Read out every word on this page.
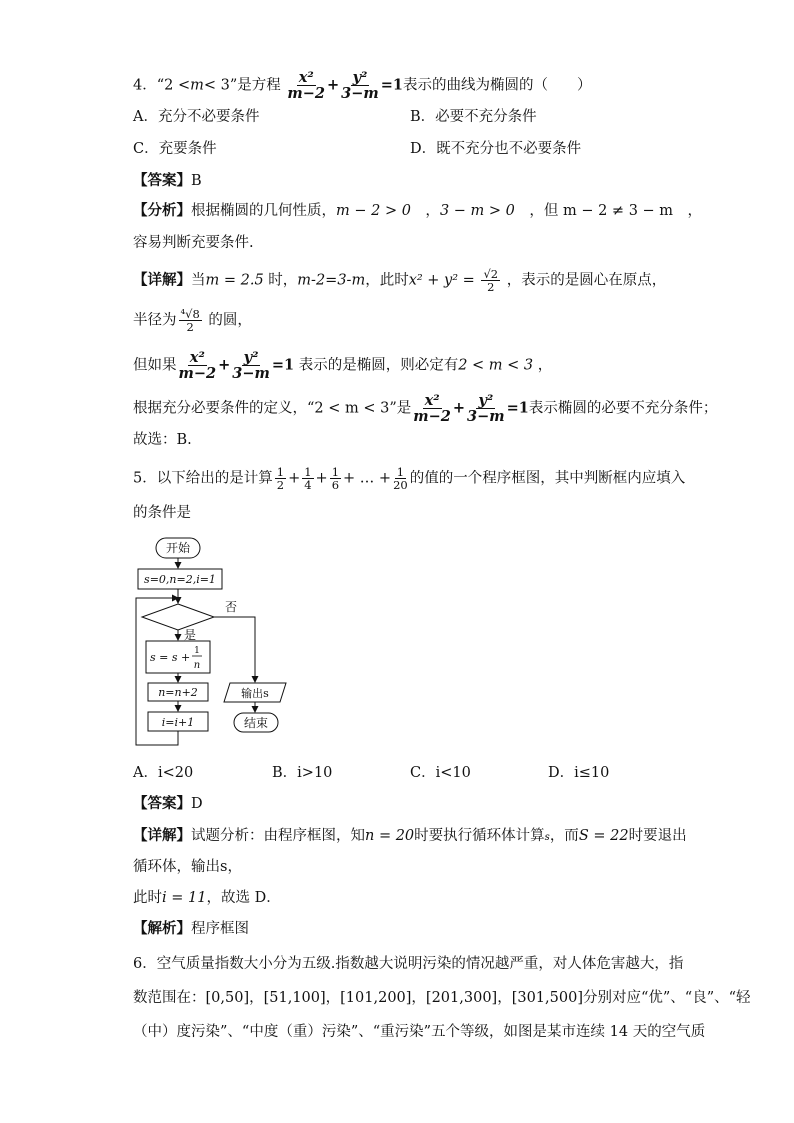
4．“2 <m< 3”是方程 $\frac{\text{x²}}{m-2} + \frac{\text{y²}}{3-m} =1$表示的曲线为椭圆的（　　）
A．充分不必要条件	B．必要不充分条件
C．充要条件	D．既不充分也不必要条件
【答案】B
【分析】根据椭圆的几何性质，m − 2 > 0　，3 − m > 0　 ，但 m − 2 ≠ 3 − m　，
容易判断充要条件.
【详解】当m = 2.5 时，m-2=3-m，此时$x^2 + y^2 = \frac{√2}{2}$ ，表示的是圆心在原点，
半径为 $\frac{\text{⁴√8}}{2}$ 的圆，
但如果 $\frac{\text{x²}}{m-2} + \frac{\text{y²}}{3-m} =1$ 表示的是椭圆，则必定有2 < m < 3 ，
根据充分必要条件的定义，“2 < m < 3”是 $\frac{\text{x²}}{m-2} + \frac{\text{y²}}{3-m} =1$表示椭圆的必要不充分条件；
故选：B.
5．以下给出的是计算 $\frac{1}{2} + \frac{1}{4} + \frac{1}{6}$ + … + $\frac{1}{20}$ 的值的一个程序框图，其中判断框内应填入
的条件是
开始
s=0,n=2,i=1
否
是
s = s + 1
n
n=n+2
i=i+1
输出s
结束
A．i<20	B．i>10	C．i<10	D．i≤10
【答案】D
【详解】试题分析：由程序框图，知n = 20时要执行循环体计算s，而S = 22时要退出
循环体，输出s，
此时i = 11，故选 D．
【解析】程序框图
6．空气质量指数大小分为五级.指数越大说明污染的情况越严重，对人体危害越大，指
数范围在：[0,50]，[51,100]，[101,200]，[201,300]，[301,500]分别对应“优”、“良”、“轻
（中）度污染”、“中度（重）污染”、“重污染”五个等级，如图是某市连续 14 天的空气质
